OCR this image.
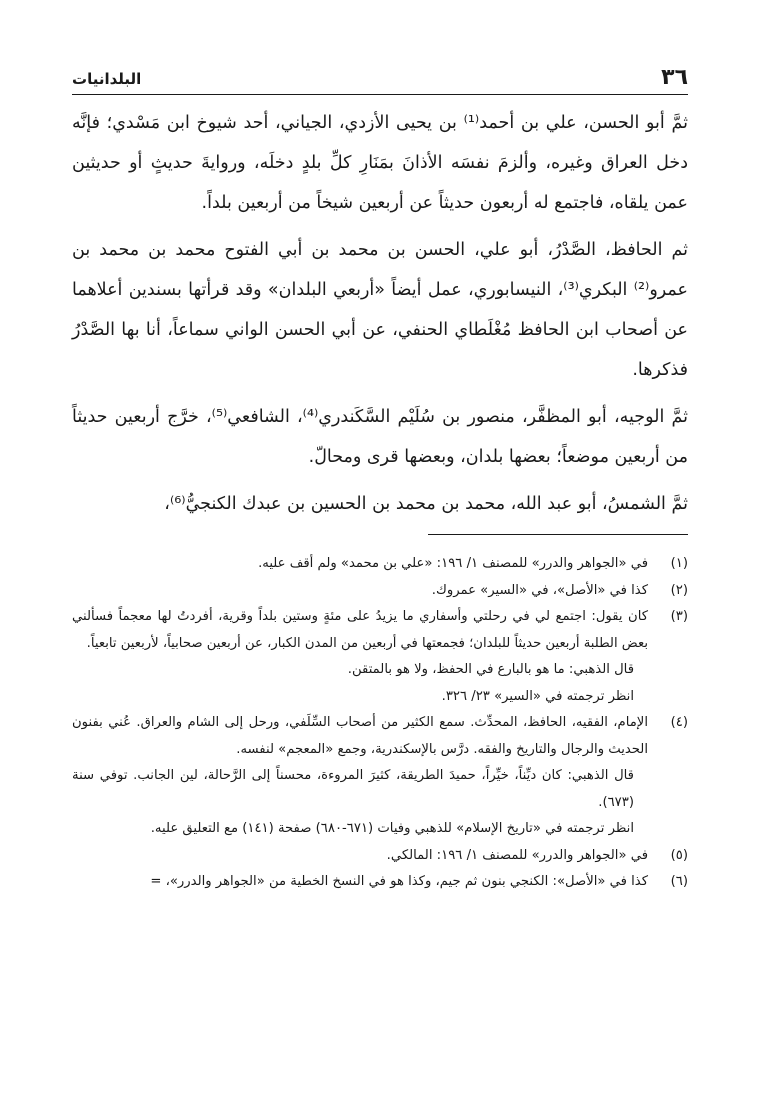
٣٦
البلدانيات

ثمَّ أبو الحسن، علي بن أحمد⁽¹⁾ بن يحيى الأزدي، الجياني، أحد شيوخ ابن مَسْدي؛ فإنَّه دخل العراق وغيره، وألزمَ نفسَه الأذانَ بمَنَارِ كلِّ بلدٍ دخلَه، وروايةَ حديثٍ أو حديثين عمن يلقاه، فاجتمع له أربعون حديثاً عن أربعين شيخاً من أربعين بلداً.

ثم الحافظ، الصَّدْرُ، أبو علي، الحسن بن محمد بن أبي الفتوح محمد بن محمد بن عمرو⁽²⁾ البكري⁽³⁾، النيسابوري، عمل أيضاً «أربعي البلدان» وقد قرأتها بسندين أعلاهما عن أصحاب ابن الحافظ مُغْلَطاي الحنفي، عن أبي الحسن الواني سماعاً، أنا بها الصَّدْرُ فذكرها.

ثمَّ الوجيه، أبو المظفَّر، منصور بن سُلَيْم السَّكَندري⁽⁴⁾، الشافعي⁽⁵⁾، خرَّج أربعين حديثاً من أربعين موضعاً؛ بعضها بلدان، وبعضها قرى ومحالّ.

ثمَّ الشمسُ، أبو عبد الله، محمد بن محمد بن الحسين بن عبدك الكنجيُّ⁽⁶⁾،

(١)

في «الجواهر والدرر» للمصنف ١/ ١٩٦: «علي بن محمد» ولم أقف عليه.

(٢)

كذا في «الأصل»، في «السير» عمروك.

(٣)

كان يقول: اجتمع لي في رحلتي وأسفاري ما يزيدُ على مئةٍ وستين بلداً وقرية، أفردتُ لها معجماً فسألني بعض الطلبة أربعين حديثاً للبلدان؛ فجمعتها في أربعين من المدن الكبار، عن أربعين صحابياً، لأربعين تابعياً.

قال الذهبي: ما هو بالبارع في الحفظ، ولا هو بالمتقن.

انظر ترجمته في «السير» ٢٣/ ٣٢٦.

(٤)

الإمام، الفقيه، الحافظ، المحدِّث. سمع الكثير من أصحاب السِّلَفي، ورحل إلى الشام والعراق. عُني بفنون الحديث والرجال والتاريخ والفقه. درَّس بالإسكندرية، وجمع «المعجم» لنفسه.

قال الذهبي: كان ديِّناً، خيِّراً، حميدَ الطريقة، كثيرَ المروءة، محسناً إلى الرَّحالة، لين الجانب. توفي سنة (٦٧٣).

انظر ترجمته في «تاريخ الإسلام» للذهبي وفيات (٦٧١-٦٨٠) صفحة (١٤١) مع التعليق عليه.

(٥)

في «الجواهر والدرر» للمصنف ١/ ١٩٦: المالكي.

(٦)

كذا في «الأصل»: الكنجي بنون ثم جيم، وكذا هو في النسخ الخطية من «الجواهر والدرر»، =
